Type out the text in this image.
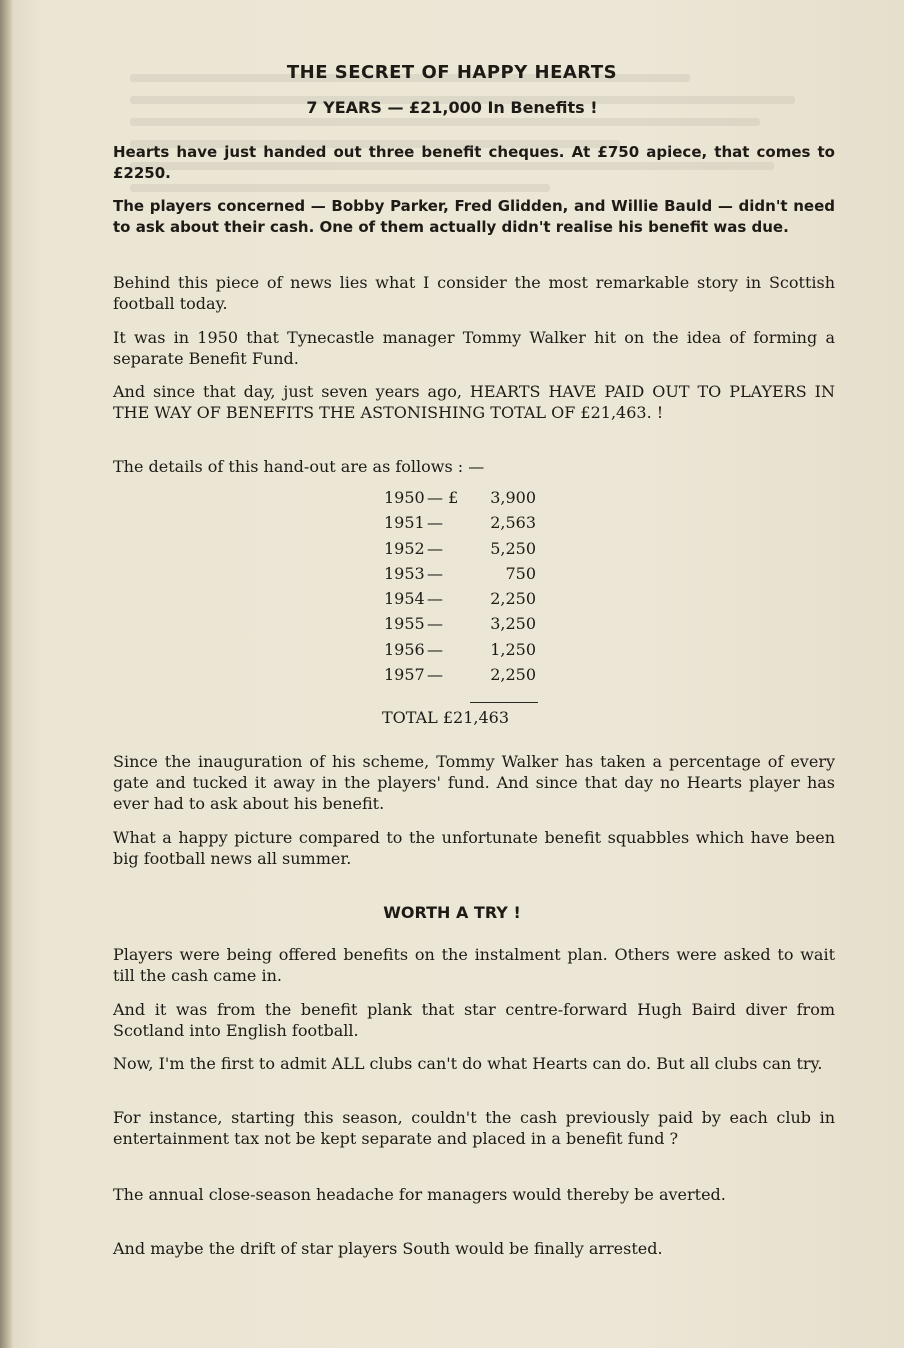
THE SECRET OF HAPPY HEARTS
7 YEARS — £21,000 In Benefits !

Hearts have just handed out three benefit cheques. At £750 apiece, that comes to £2250.

The players concerned — Bobby Parker, Fred Glidden, and Willie Bauld — didn't need to ask about their cash. One of them actually didn't realise his benefit was due.

Behind this piece of news lies what I consider the most remarkable story in Scottish football today.

It was in 1950 that Tynecastle manager Tommy Walker hit on the idea of forming a separate Benefit Fund.

And since that day, just seven years ago, HEARTS HAVE PAID OUT TO PLAYERS IN THE WAY OF BENEFITS THE ASTONISHING TOTAL OF £21,463. !

The details of this hand-out are as follows : —

1950 — £ 3,900
1951 —	2,563
1952 —	5,250
1953 —	750
1954 —	2,250
1955 —	3,250
1956 —	1,250
1957 —	2,250
TOTAL £21,463

Since the inauguration of his scheme, Tommy Walker has taken a percentage of every gate and tucked it away in the players' fund. And since that day no Hearts player has ever had to ask about his benefit.

What a happy picture compared to the unfortunate benefit squabbles which have been big football news all summer.

WORTH A TRY !

Players were being offered benefits on the instalment plan. Others were asked to wait till the cash came in.

And it was from the benefit plank that star centre-forward Hugh Baird diver from Scotland into English football.

Now, I'm the first to admit ALL clubs can't do what Hearts can do. But all clubs can try.

For instance, starting this season, couldn't the cash previously paid by each club in entertainment tax not be kept separate and placed in a benefit fund ?

The annual close-season headache for managers would thereby be averted.

And maybe the drift of star players South would be finally arrested.
